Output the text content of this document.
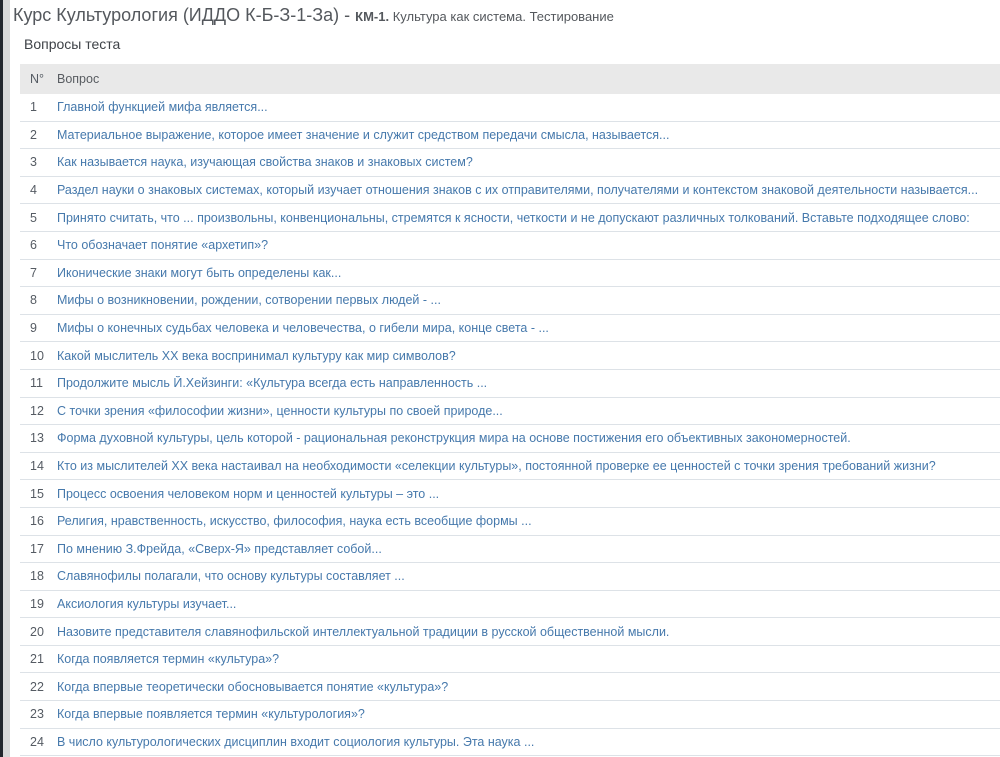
Курс Культурология (ИДДО К-Б-З-1-За) - КМ-1. Культура как система. Тестирование
Вопросы теста
N°	Вопрос
1	Главной функцией мифа является...
2	Материальное выражение, которое имеет значение и служит средством передачи смысла, называется...
3	Как называется наука, изучающая свойства знаков и знаковых систем?
4	Раздел науки о знаковых системах, который изучает отношения знаков с их отправителями, получателями и контекстом знаковой деятельности называется...
5	Принято считать, что ... произвольны, конвенциональны, стремятся к ясности, четкости и не допускают различных толкований. Вставьте подходящее слово:
6	Что обозначает понятие «архетип»?
7	Иконические знаки могут быть определены как...
8	Мифы о возникновении, рождении, сотворении первых людей - ...
9	Мифы о конечных судьбах человека и человечества, о гибели мира, конце света - ...
10	Какой мыслитель ХХ века воспринимал культуру как мир символов?
11	Продолжите мысль Й.Хейзинги: «Культура всегда есть направленность ...
12	С точки зрения «философии жизни», ценности культуры по своей природе...
13	Форма духовной культуры, цель которой - рациональная реконструкция мира на основе постижения его объективных закономерностей.
14	Кто из мыслителей ХХ века настаивал на необходимости «селекции культуры», постоянной проверке ее ценностей с точки зрения требований жизни?
15	Процесс освоения человеком норм и ценностей культуры – это ...
16	Религия, нравственность, искусство, философия, наука есть всеобщие формы ...
17	По мнению З.Фрейда, «Сверх-Я» представляет собой...
18	Славянофилы полагали, что основу культуры составляет ...
19	Аксиология культуры изучает...
20	Назовите представителя славянофильской интеллектуальной традиции в русской общественной мысли.
21	Когда появляется термин «культура»?
22	Когда впервые теоретически обосновывается понятие «культура»?
23	Когда впервые появляется термин «культурология»?
24	В число культурологических дисциплин входит социология культуры. Эта наука ...
